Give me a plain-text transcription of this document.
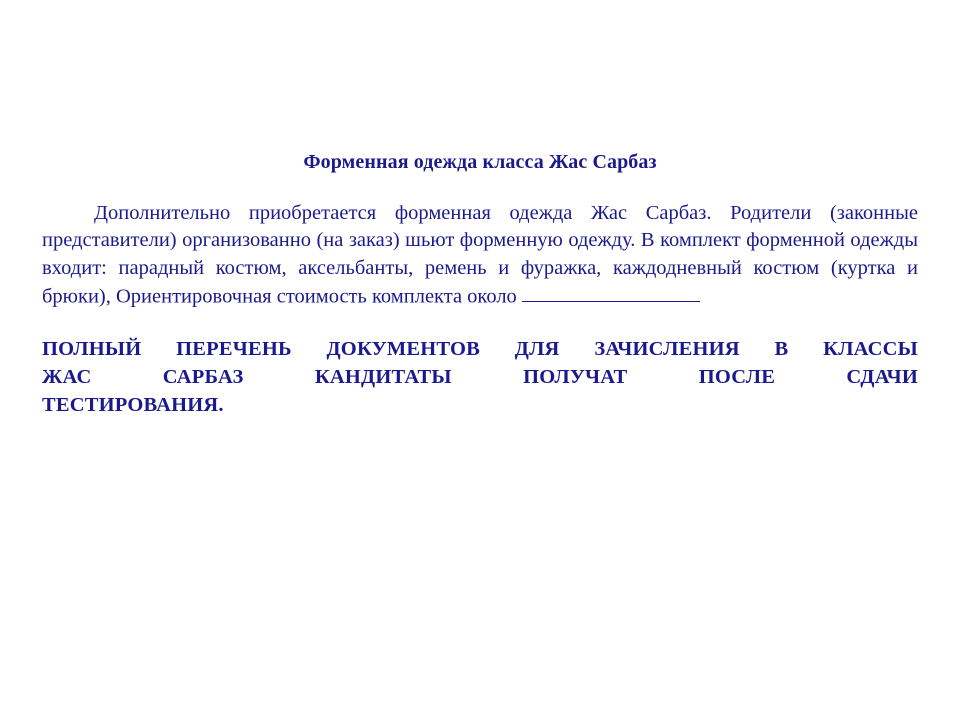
Форменная одежда класса Жас Сарбаз

Дополнительно приобретается форменная одежда Жас Сарбаз. Родители (законные представители) организованно (на заказ) шьют форменную одежду. В комплект форменной одежды входит: парадный костюм, аксельбанты, ремень и фуражка, каждодневный костюм (куртка и брюки), Ориентировочная стоимость комплекта около

ПОЛНЫЙ ПЕРЕЧЕНЬ ДОКУМЕНТОВ ДЛЯ ЗАЧИСЛЕНИЯ В КЛАССЫ
ЖАС САРБАЗ КАНДИТАТЫ ПОЛУЧАТ ПОСЛЕ СДАЧИ
ТЕСТИРОВАНИЯ.
